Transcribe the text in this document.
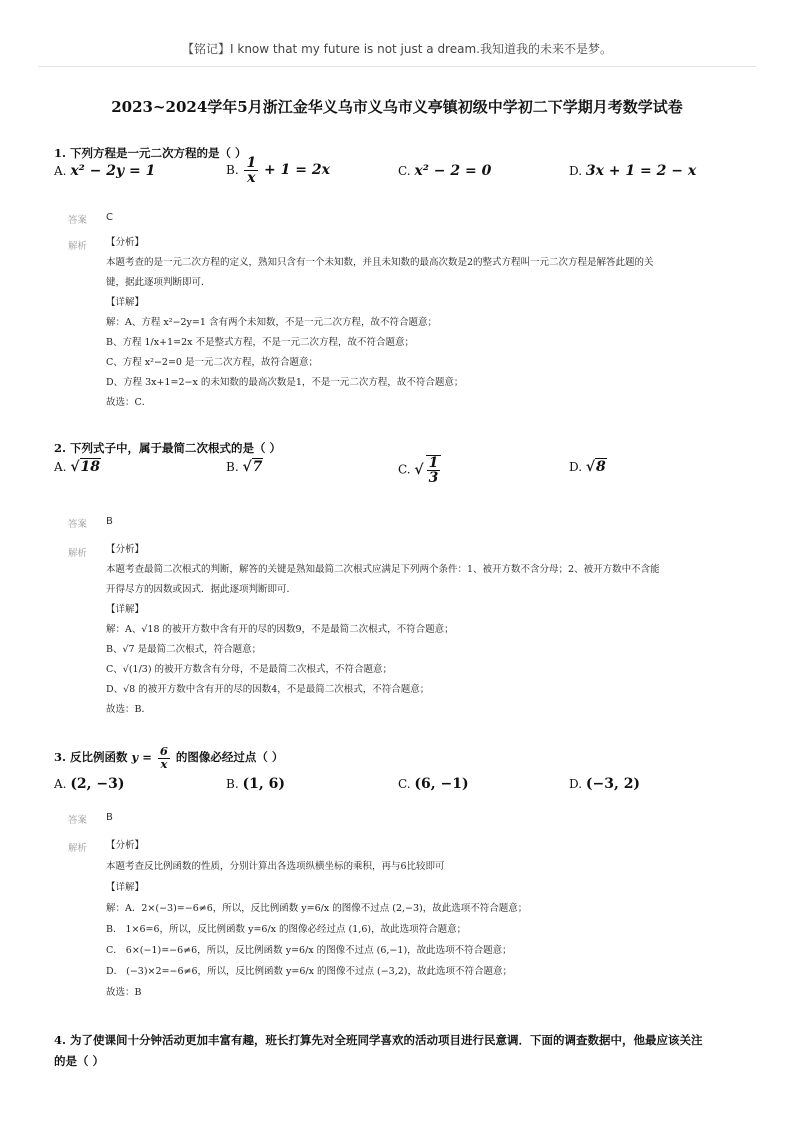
【铭记】I know that my future is not just a dream.我知道我的未来不是梦。
2023~2024学年5月浙江金华义乌市义乌市义亭镇初级中学初二下学期月考数学试卷
1. 下列方程是一元二次方程的是（ ）
A. x² − 2y = 1	B. $\frac{1}{x} + 1 = 2x$	C. x² − 2 = 0	D. 3x + 1 = 2 − x
答案 C
解析 【分析】
本题考查的是一元二次方程的定义，熟知只含有一个未知数，并且未知数的最高次数是2的整式方程叫一元二次方程是解答此题的关
键，据此逐项判断即可．
【详解】
解：A、方程 x²−2y=1 含有两个未知数，不是一元二次方程，故不符合题意；
B、方程 1/x+1=2x 不是整式方程，不是一元二次方程，故不符合题意；
C、方程 x²−2=0 是一元二次方程，故符合题意；
D、方程 3x+1=2−x 的未知数的最高次数是1，不是一元二次方程，故不符合题意；
故选：C．
2. 下列式子中，属于最简二次根式的是（ ）
A. √18	B. √7	C. √ $\frac{1}{3}$	D. √8
答案 B
解析 【分析】
本题考查最简二次根式的判断，解答的关键是熟知最简二次根式应满足下列两个条件：1、被开方数不含分母；2、被开方数中不含能
开得尽方的因数或因式．据此逐项判断即可．
【详解】
解：A、√18 的被开方数中含有开的尽的因数9，不是最简二次根式，不符合题意；
B、√7 是最简二次根式，符合题意；
C、√(1/3) 的被开方数含有分母，不是最简二次根式，不符合题意；
D、√8 的被开方数中含有开的尽的因数4，不是最简二次根式，不符合题意；
故选：B．
3. 反比例函数 $y = \frac{6}{x}$ 的图像必经过点（ ）
A. (2, −3)	B. (1, 6)	C. (6, −1)	D. (−3, 2)
答案 B
解析 【分析】
本题考查反比例函数的性质，分别计算出各选项纵横坐标的乘积，再与6比较即可
【详解】
解：A．2×(−3)=−6≠6，所以，反比例函数 y=6/x 的图像不过点 (2,−3)，故此选项不符合题意；
B． 1×6=6，所以，反比例函数 y=6/x 的图像必经过点 (1,6)，故此选项符合题意；
C． 6×(−1)=−6≠6，所以，反比例函数 y=6/x 的图像不过点 (6,−1)，故此选项不符合题意；
D． (−3)×2=−6≠6，所以，反比例函数 y=6/x 的图像不过点 (−3,2)，故此选项不符合题意；
故选：B
4. 为了使课间十分钟活动更加丰富有趣，班长打算先对全班同学喜欢的活动项目进行民意调．下面的调查数据中，他最应该关注
的是（ ）
